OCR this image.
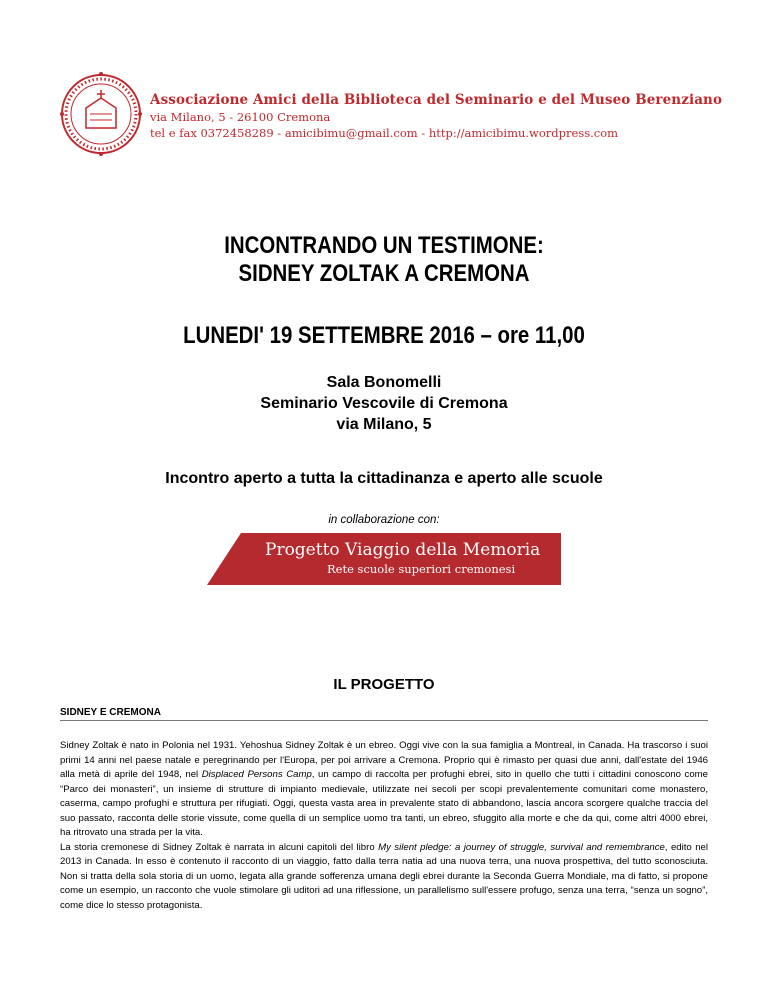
Associazione Amici della Biblioteca del Seminario e del Museo Berenziano
via Milano, 5 - 26100 Cremona
tel e fax 0372458289 - amicibimu@gmail.com - http://amicibimu.wordpress.com
INCONTRANDO UN TESTIMONE:
SIDNEY ZOLTAK A CREMONA
LUNEDI' 19 SETTEMBRE 2016 – ore 11,00
Sala Bonomelli
Seminario Vescovile di Cremona
via Milano, 5
Incontro aperto a tutta la cittadinanza e aperto alle scuole
in collaborazione con:
Progetto Viaggio della Memoria
Rete scuole superiori cremonesi
IL PROGETTO
SIDNEY E CREMONA

Sidney Zoltak è nato in Polonia nel 1931. Yehoshua Sidney Zoltak è un ebreo. Oggi vive con la sua famiglia a Montreal, in Canada. Ha trascorso i suoi primi 14 anni nel paese natale e peregrinando per l'Europa, per poi arrivare a Cremona. Proprio qui è rimasto per quasi due anni, dall'estate del 1946 alla metà di aprile del 1948, nel Displaced Persons Camp, un campo di raccolta per profughi ebrei, sito in quello che tutti i cittadini conoscono come “Parco dei monasteri”, un insieme di strutture di impianto medievale, utilizzate nei secoli per scopi prevalentemente comunitari come monastero, caserma, campo profughi e struttura per rifugiati. Oggi, questa vasta area in prevalente stato di abbandono, lascia ancora scorgere qualche traccia del suo passato, racconta delle storie vissute, come quella di un semplice uomo tra tanti, un ebreo, sfuggito alla morte e che da qui, come altri 4000 ebrei, ha ritrovato una strada per la vita.

La storia cremonese di Sidney Zoltak è narrata in alcuni capitoli del libro My silent pledge: a journey of struggle, survival and remembrance, edito nel 2013 in Canada. In esso è contenuto il racconto di un viaggio, fatto dalla terra natia ad una nuova terra, una nuova prospettiva, del tutto sconosciuta. Non si tratta della sola storia di un uomo, legata alla grande sofferenza umana degli ebrei durante la Seconda Guerra Mondiale, ma di fatto, si propone come un esempio, un racconto che vuole stimolare gli uditori ad una riflessione, un parallelismo sull'essere profugo, senza una terra, “senza un sogno”, come dice lo stesso protagonista.
